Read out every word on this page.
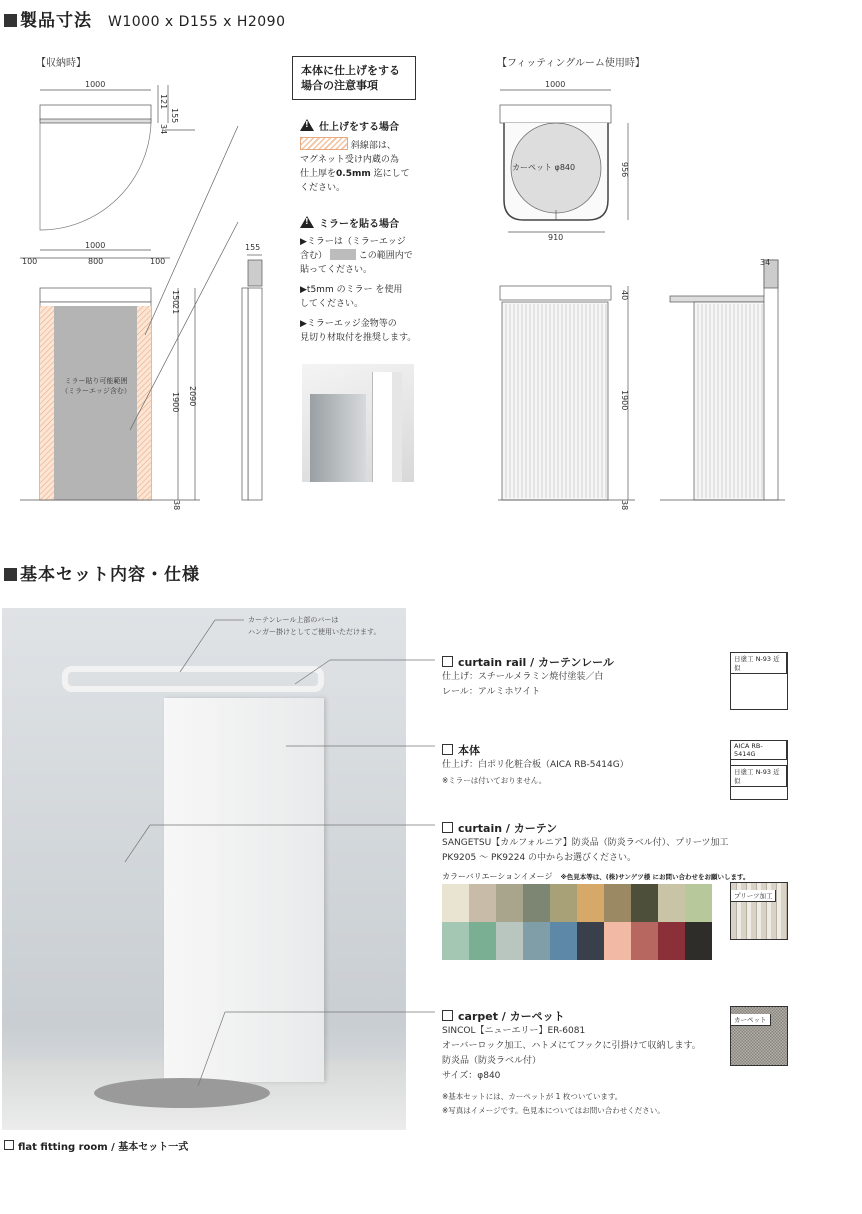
製品寸法 W1000 x D155 x H2090
【収納時】	【フィッティングルーム使用時】
1000
121
155
34
1000
100	800	100
150
21
1900 2090
38
155
ミラー貼り可能範囲
（ミラーエッジ含む）
本体に仕上げをする
場合の注意事項
!仕上げをする場合
斜線部は、
マグネット受け内蔵の為
仕上厚を0.5mm 迄にして
ください。
!ミラーを貼る場合
▶ミラーは（ミラーエッジ
含む）	この範囲内で
貼ってください。
▶t5mm のミラー を使用
してください。
▶ミラーエッジ金物等の
見切り材取付を推奨します。
1000
956
910
カーペット φ840
40
1900
38
34
基本セット内容・仕様
カーテンレール上部のバーは
ハンガー掛けとしてご使用いただけます。
flat fitting room / 基本セット一式
curtain rail / カーテンレール
仕上げ：スチールメラミン焼付塗装／白
レール：アルミホワイト
日塗工 N-93 近似
本体
仕上げ：白ポリ化粧合板（AICA RB-5414G）
※ミラーは付いておりません。
AICA RB-5414G
日塗工 N-93 近似
curtain / カーテン
SANGETSU【カルフォルニア】防炎品（防炎ラベル付）、プリーツ加工
PK9205 ～ PK9224 の中からお選びください。
カラーバリエーションイメージ ※色見本等は、(株)サンゲツ様 にお問い合わせをお願いします。
プリーツ加工
carpet / カーペット
SINCOL【ニューエリー】ER-6081
オーバーロック加工、ハトメにてフックに引掛けて収納します。
防炎品（防炎ラベル付）
サイズ：φ840
※基本セットには、カーペットが 1 枚ついています。
※写真はイメージです。色見本についてはお問い合わせください。
カーペット
